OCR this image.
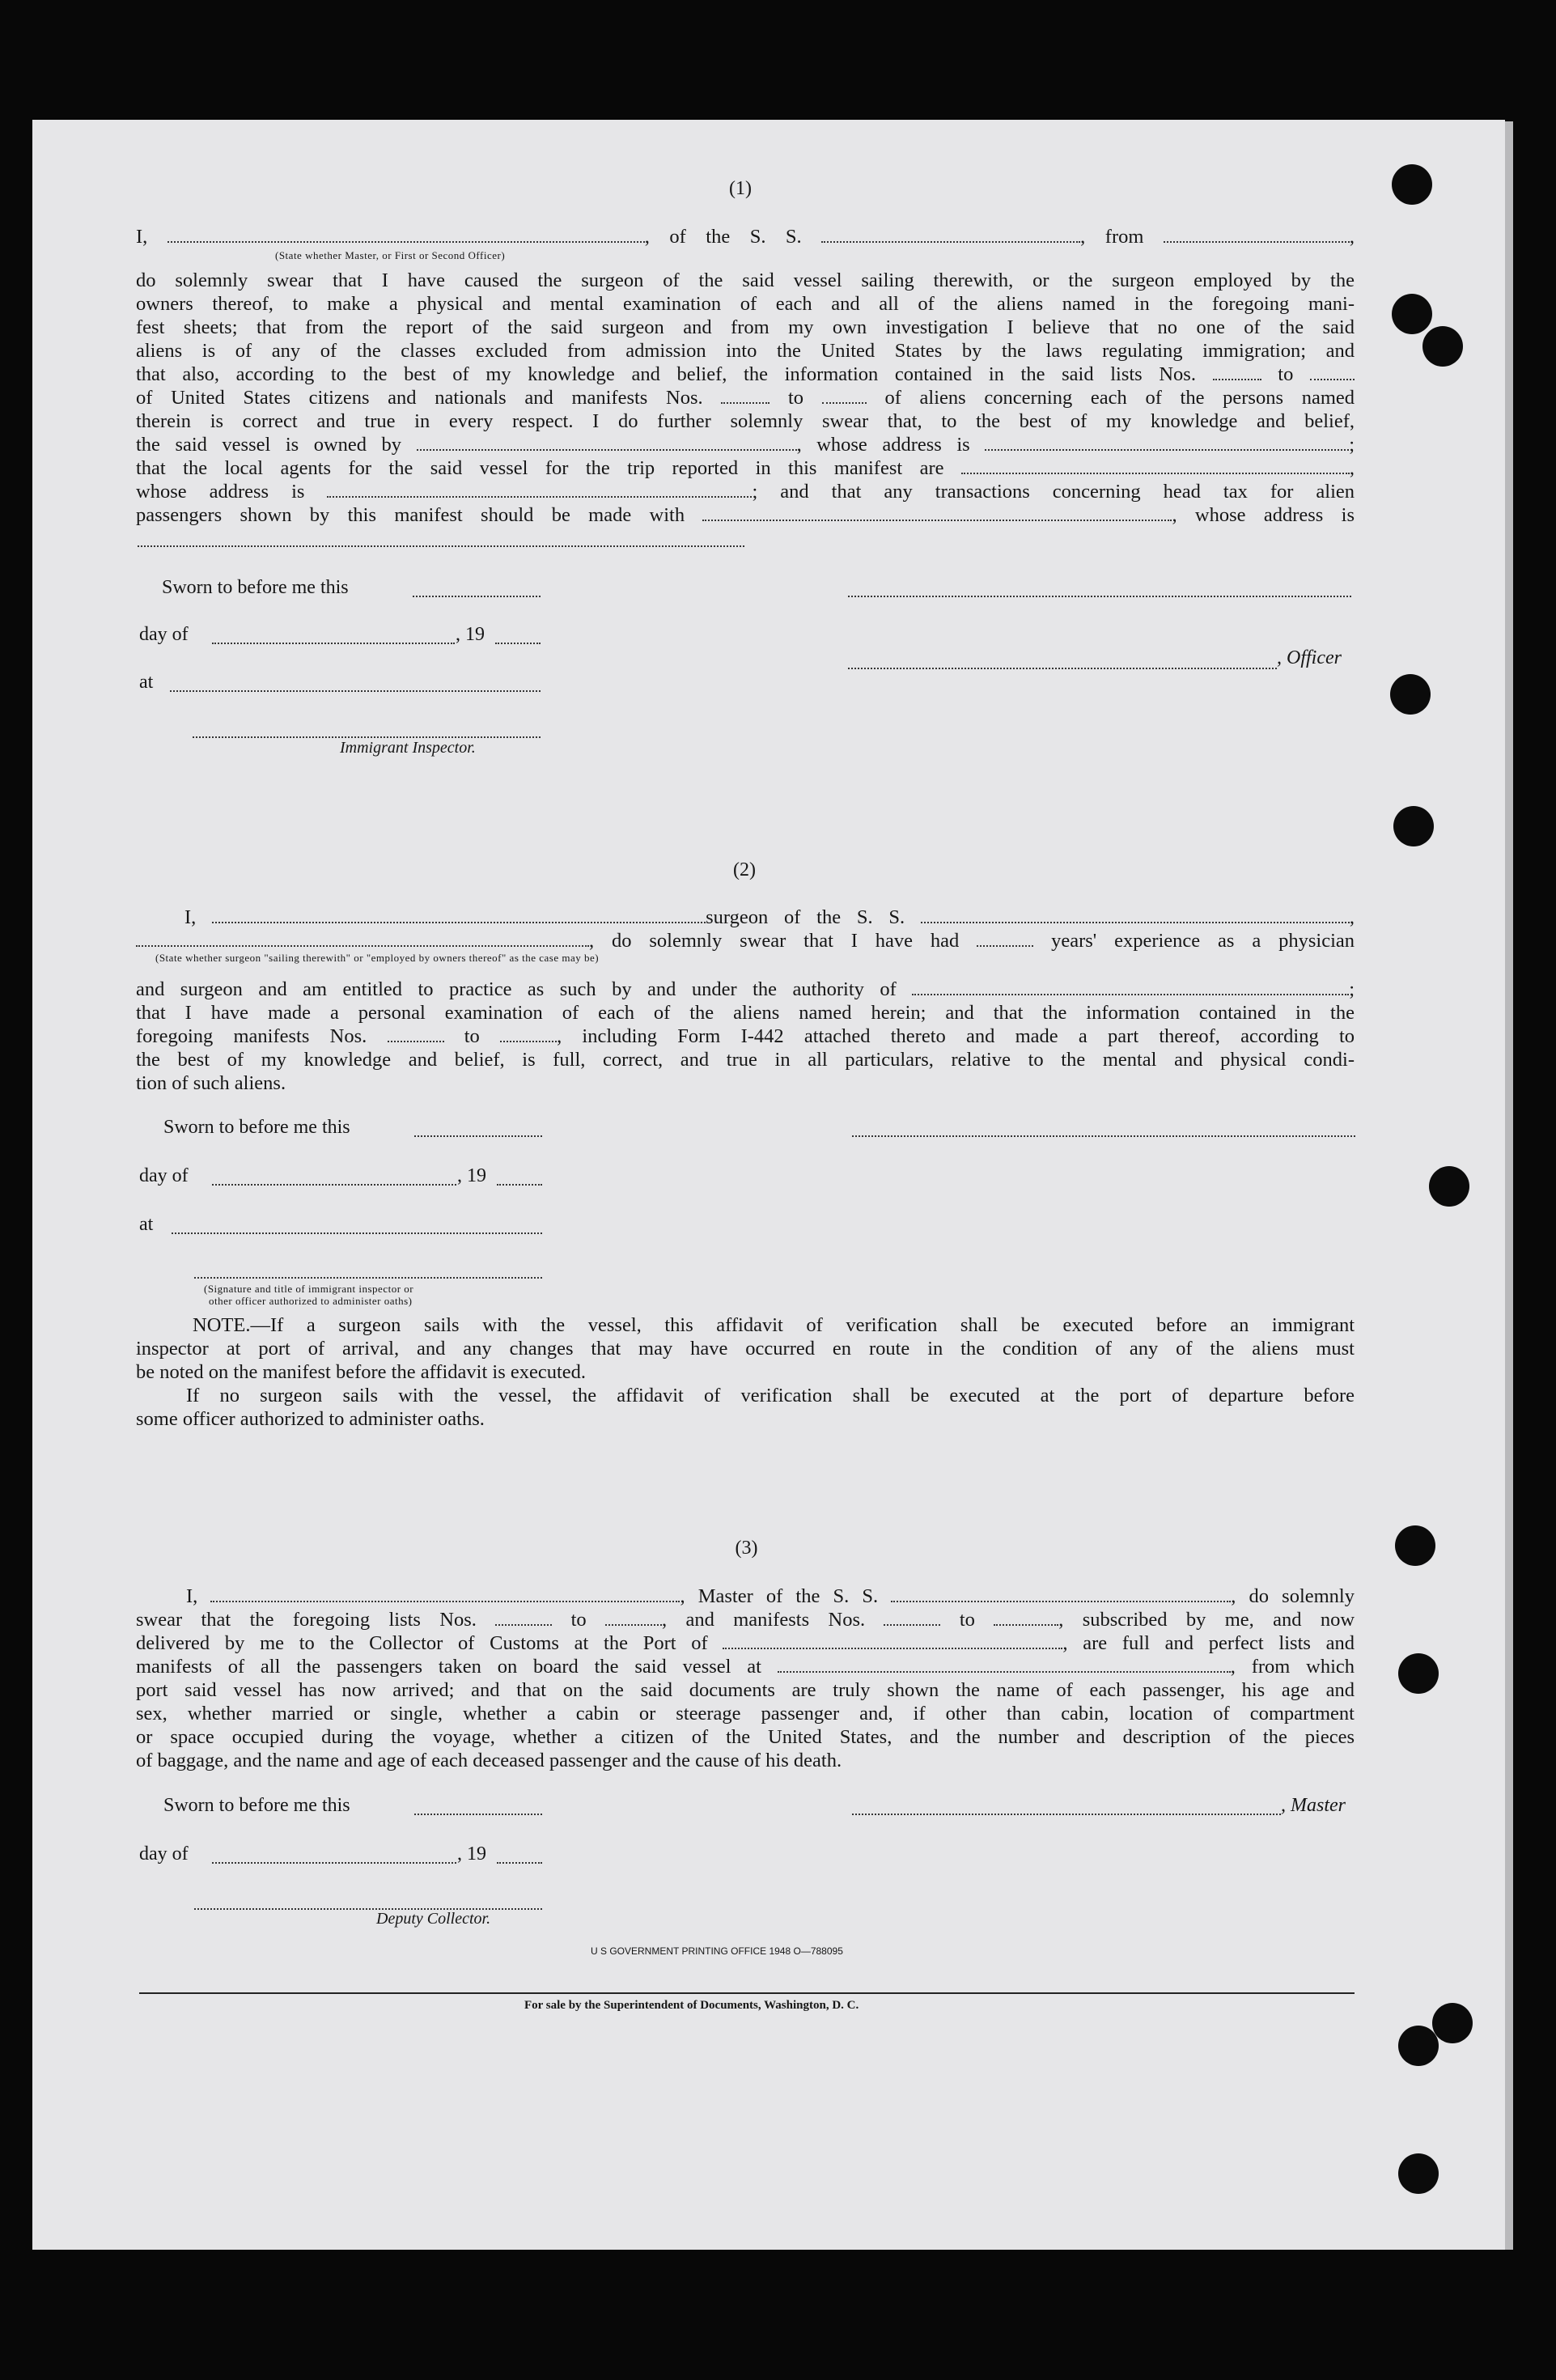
(1)
I,	, of the S. S.	, from	,
(State whether Master, or First or Second Officer)
do solemnly swear that I have caused the surgeon of the said vessel sailing therewith, or the surgeon employed by the
owners thereof, to make a physical and mental examination of each and all of the aliens named in the foregoing mani-
fest sheets; that from the report of the said surgeon and from my own investigation I believe that no one of the said
aliens is of any of the classes excluded from admission into the United States by the laws regulating immigration; and
that also, according to the best of my knowledge and belief, the information contained in the said lists Nos.	to
of United States citizens and nationals and manifests Nos.	to	of aliens concerning each of the persons named
therein is correct and true in every respect. I do further solemnly swear that, to the best of my knowledge and belief,
the said vessel is owned by	, whose address is	;
that the local agents for the said vessel for the trip reported in this manifest are	,
whose address is	; and that any transactions concerning head tax for alien
passengers shown by this manifest should be made with	, whose address is
Sworn to before me this
day of	, 19
at
Immigrant Inspector.
, Officer
(2)
I,	surgeon of the S. S.	,
, do solemnly swear that I have had	years' experience as a physician
(State whether surgeon "sailing therewith" or "employed by owners thereof" as the case may be)
and surgeon and am entitled to practice as such by and under the authority of	;
that I have made a personal examination of each of the aliens named herein; and that the information contained in the
foregoing manifests Nos.	to	, including Form I-442 attached thereto and made a part thereof, according to
the best of my knowledge and belief, is full, correct, and true in all particulars, relative to the mental and physical condi-
tion of such aliens.
Sworn to before me this
day of	, 19
at
(Signature and title of immigrant inspector or
other officer authorized to administer oaths)
NOTE.—If a surgeon sails with the vessel, this affidavit of verification shall be executed before an immigrant
inspector at port of arrival, and any changes that may have occurred en route in the condition of any of the aliens must
be noted on the manifest before the affidavit is executed.
If no surgeon sails with the vessel, the affidavit of verification shall be executed at the port of departure before
some officer authorized to administer oaths.
(3)
I,	, Master of the S. S.	, do solemnly
swear that the foregoing lists Nos.	to	, and manifests Nos.	to	, subscribed by me, and now
delivered by me to the Collector of Customs at the Port of	, are full and perfect lists and
manifests of all the passengers taken on board the said vessel at	, from which
port said vessel has now arrived; and that on the said documents are truly shown the name of each passenger, his age and
sex, whether married or single, whether a cabin or steerage passenger and, if other than cabin, location of compartment
or space occupied during the voyage, whether a citizen of the United States, and the number and description of the pieces
of baggage, and the name and age of each deceased passenger and the cause of his death.
Sworn to before me this
day of	, 19
, Master
Deputy Collector.
U S GOVERNMENT PRINTING OFFICE 1948 O—788095
For sale by the Superintendent of Documents, Washington, D. C.
